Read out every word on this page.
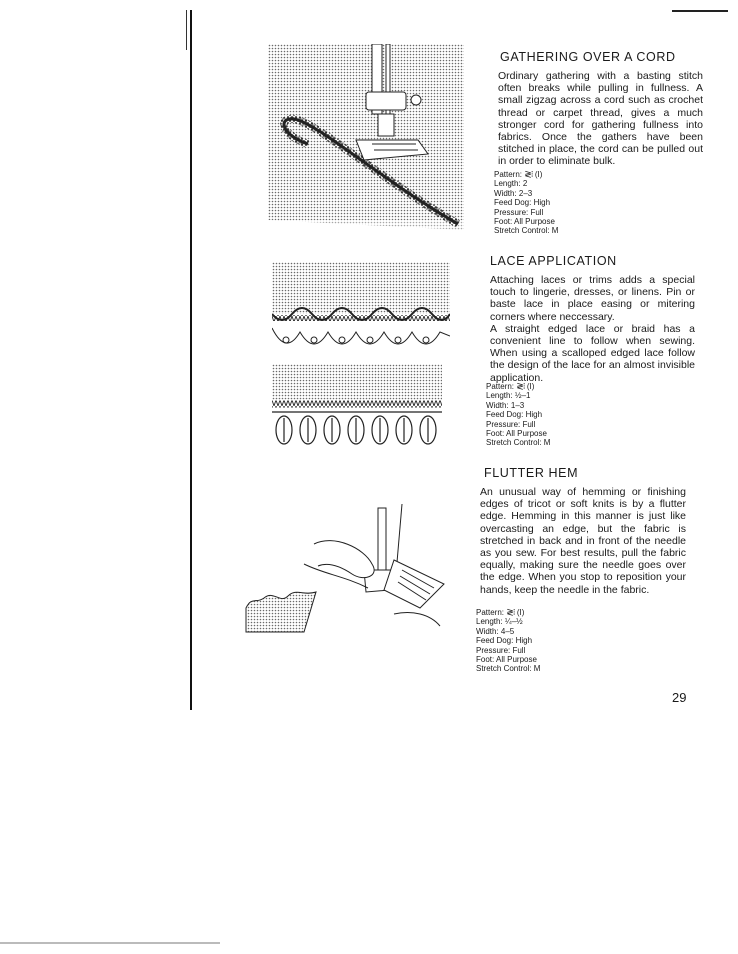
GATHERING OVER A CORD

Ordinary gathering with a basting stitch often breaks while pulling in fullness. A small zigzag across a cord such as crochet thread or carpet thread, gives a much stronger cord for gathering fullness into fabrics. Once the gathers have been stitched in place, the cord can be pulled out in order to eliminate bulk.

Pattern: ≷⁝ (I)
Length: 2
Width: 2–3
Feed Dog: High
Pressure: Full
Foot: All Purpose
Stretch Control: M
LACE APPLICATION

Attaching laces or trims adds a special touch to lingerie, dresses, or linens. Pin or baste lace in place easing or mitering corners where neccessary.

A straight edged lace or braid has a convenient line to follow when sewing. When using a scalloped edged lace follow the design of the lace for an almost invisible application.

Pattern: ≷⁝ (I)
Length: ½–1
Width: 1–3
Feed Dog: High
Pressure: Full
Foot: All Purpose
Stretch Control: M
FLUTTER HEM

An unusual way of hemming or finishing edges of tricot or soft knits is by a flutter edge. Hemming in this manner is just like overcasting an edge, but the fabric is stretched in back and in front of the needle as you sew. For best results, pull the fabric equally, making sure the needle goes over the edge. When you stop to reposition your hands, keep the needle in the fabric.

Pattern: ≷⁝ (I)
Length: ¼–½
Width: 4–5
Feed Dog: High
Pressure: Full
Foot: All Purpose
Stretch Control: M
29
